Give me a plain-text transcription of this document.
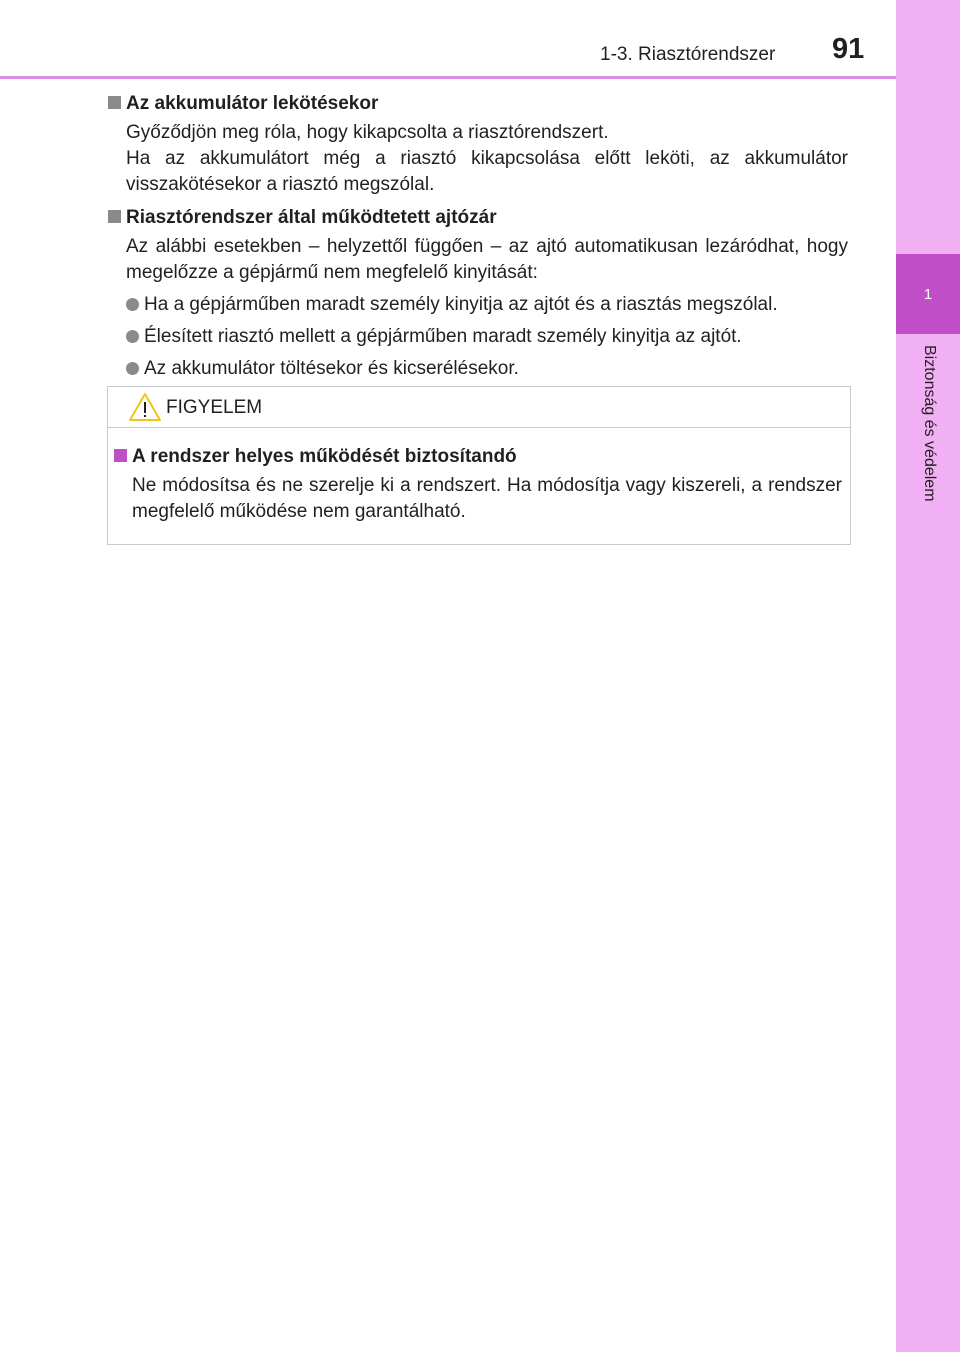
1
Biztonság és védelem
1-3. Riasztórendszer 91
Az akkumulátor lekötésekor

Győződjön meg róla, hogy kikapcsolta a riasztórendszert.

Ha az akkumulátort még a riasztó kikapcsolása előtt leköti, az akkumulátor visszakötésekor a riasztó megszólal.

Riasztórendszer által működtetett ajtózár

Az alábbi esetekben – helyzettől függően – az ajtó automatikusan lezáródhat, hogy megelőzze a gépjármű nem megfelelő kinyitását:

Ha a gépjárműben maradt személy kinyitja az ajtót és a riasztás megszólal.
Élesített riasztó mellett a gépjárműben maradt személy kinyitja az ajtót.
Az akkumulátor töltésekor és kicserélésekor.
FIGYELEM
A rendszer helyes működését biztosítandó
Ne módosítsa és ne szerelje ki a rendszert. Ha módosítja vagy kiszereli, a rendszer megfelelő működése nem garantálható.
